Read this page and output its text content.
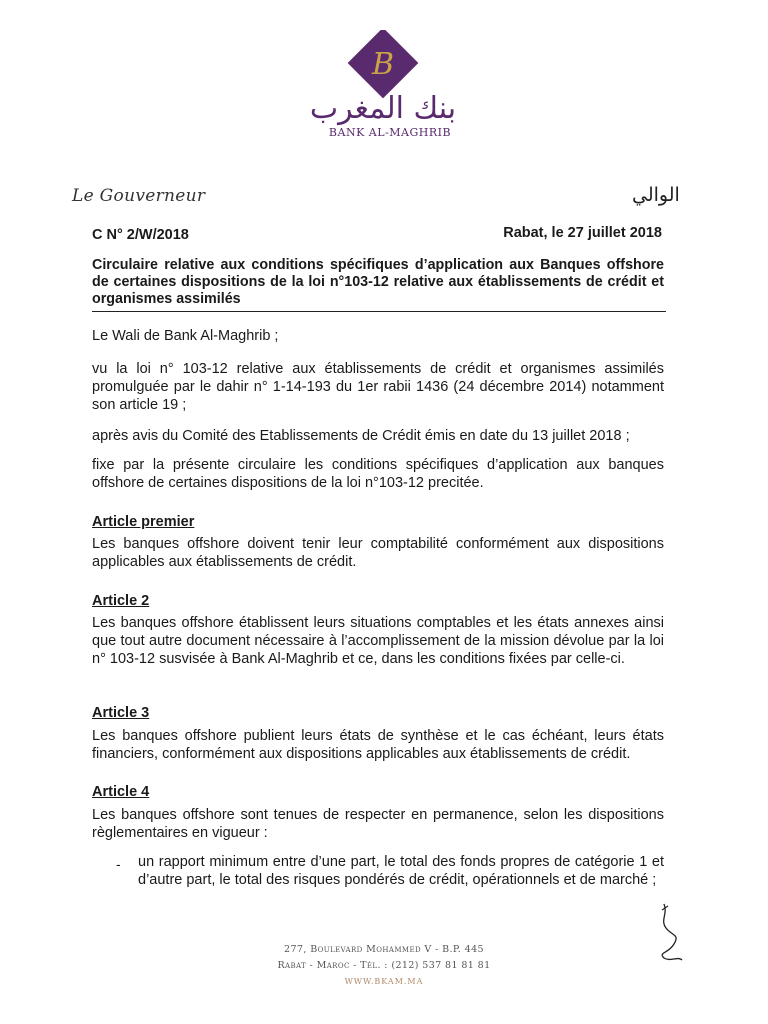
B
بنك المغرب
BANK AL-MAGHRIB
Le Gouverneur	الوالي
C N° 2/W/2018	Rabat, le 27 juillet 2018
Circulaire relative aux conditions spécifiques d’application aux Banques offshore de certaines dispositions de la loi n°103-12 relative aux établissements de crédit et organismes assimilés

Le Wali de Bank Al-Maghrib ;

vu la loi n° 103-12 relative aux établissements de crédit et organismes assimilés promulguée par le dahir n° 1-14-193 du 1er rabii 1436 (24 décembre 2014) notamment son article 19 ;

après avis du Comité des Etablissements de Crédit émis en date du 13 juillet 2018 ;

fixe par la présente circulaire les conditions spécifiques d’application aux banques offshore de certaines dispositions de la loi n°103-12 precitée.

Article premier

Les banques offshore doivent tenir leur comptabilité conformément aux dispositions applicables aux établissements de crédit.

Article 2

Les banques offshore établissent leurs situations comptables et les états annexes ainsi que tout autre document nécessaire à l’accomplissement de la mission dévolue par la loi n° 103-12 susvisée à Bank Al-Maghrib et ce, dans les conditions fixées par celle-ci.

Article 3

Les banques offshore publient leurs états de synthèse et le cas échéant, leurs états financiers, conformément aux dispositions applicables aux établissements de crédit.

Article 4

Les banques offshore sont tenues de respecter en permanence, selon les dispositions règlementaires en vigueur :

- un rapport minimum entre d’une part, le total des fonds propres de catégorie 1 et d’autre part, le total des risques pondérés de crédit, opérationnels et de marché ;

277, Boulevard Mohammed V - B.P. 445
Rabat - Maroc - Tél. : (212) 537 81 81 81
WWW.BKAM.MA
